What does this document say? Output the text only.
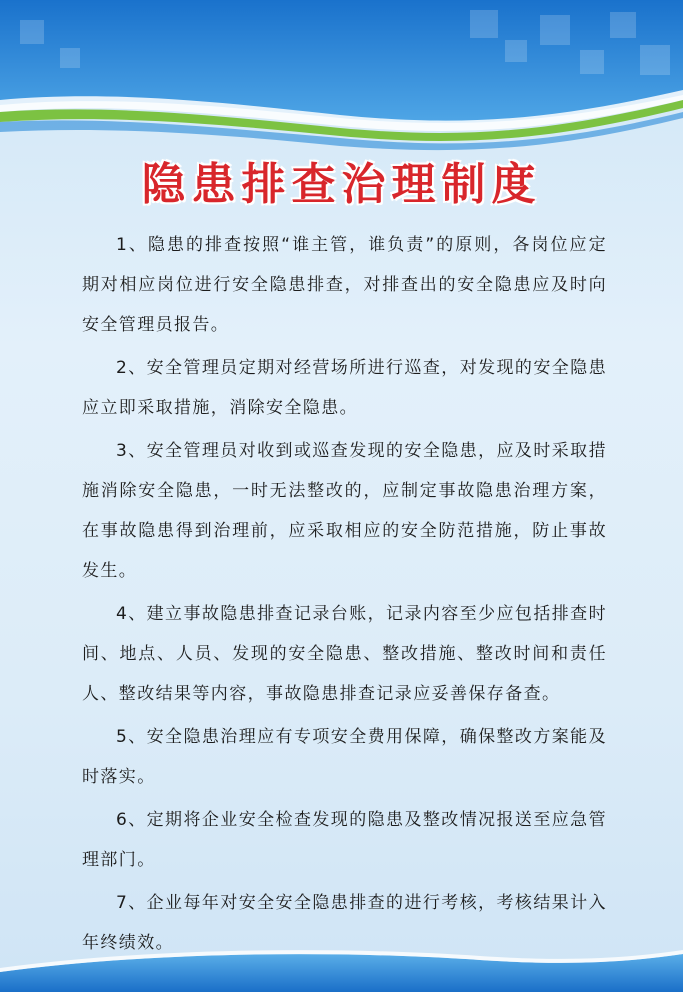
隐患排查治理制度

1、隐患的排查按照“谁主管，谁负责”的原则，各岗位应定期对相应岗位进行安全隐患排查，对排查出的安全隐患应及时向安全管理员报告。

2、安全管理员定期对经营场所进行巡查，对发现的安全隐患应立即采取措施，消除安全隐患。

3、安全管理员对收到或巡查发现的安全隐患，应及时采取措施消除安全隐患，一时无法整改的，应制定事故隐患治理方案，在事故隐患得到治理前，应采取相应的安全防范措施，防止事故发生。

4、建立事故隐患排查记录台账，记录内容至少应包括排查时间、地点、人员、发现的安全隐患、整改措施、整改时间和责任人、整改结果等内容，事故隐患排查记录应妥善保存备查。

5、安全隐患治理应有专项安全费用保障，确保整改方案能及时落实。

6、定期将企业安全检查发现的隐患及整改情况报送至应急管理部门。

7、企业每年对安全安全隐患排查的进行考核，考核结果计入年终绩效。
